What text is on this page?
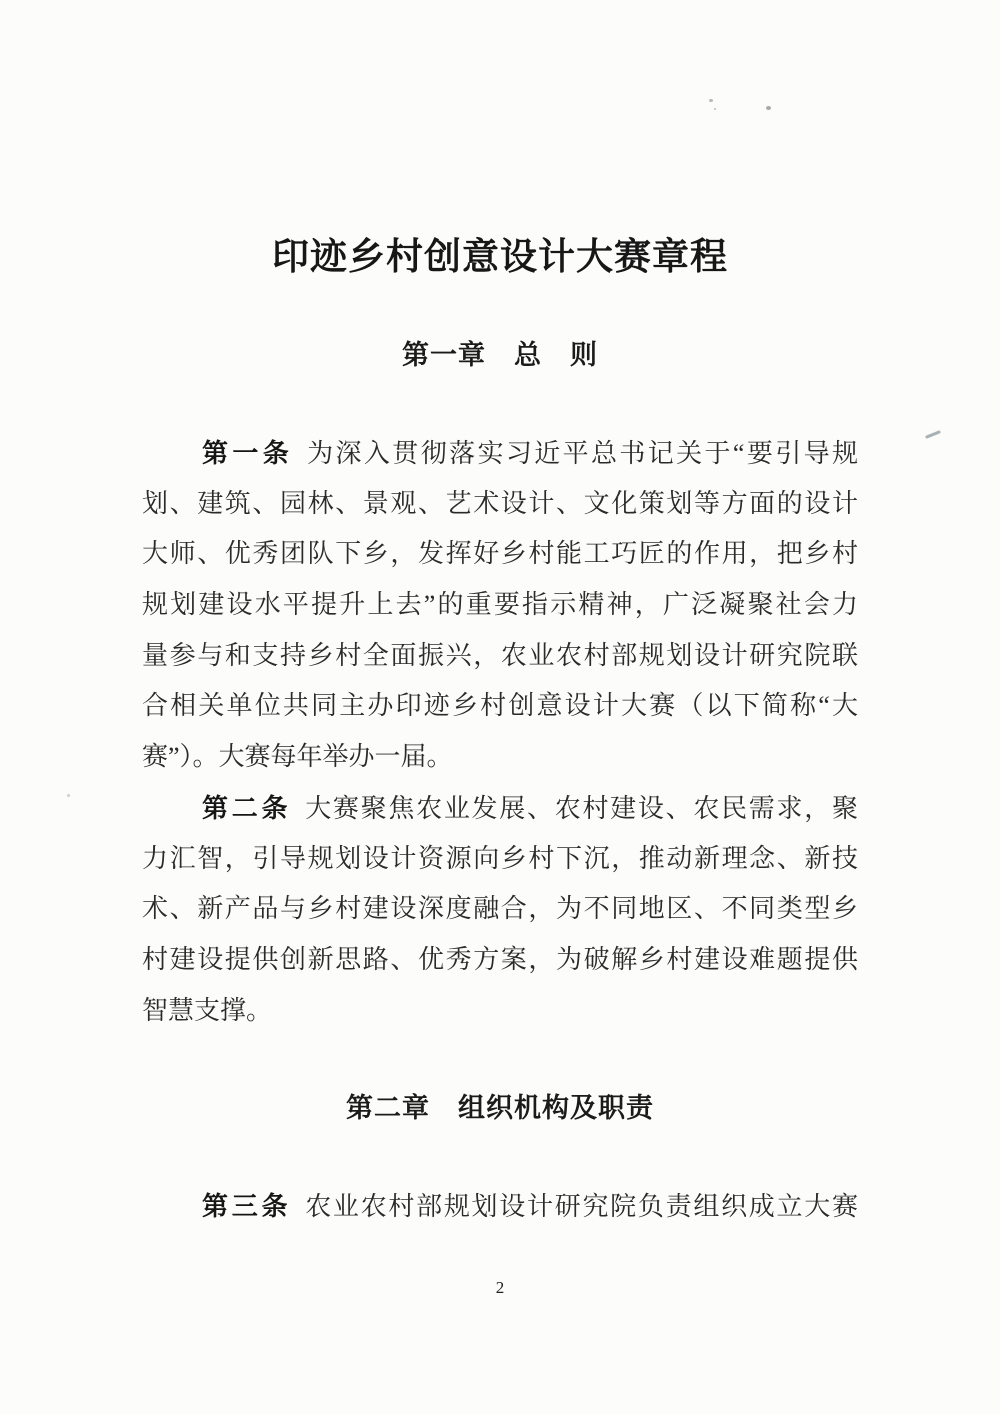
印迹乡村创意设计大赛章程
第一章　总　则
第一条 为深入贯彻落实习近平总书记关于“要引导规
划、建筑、园林、景观、艺术设计、文化策划等方面的设计
大师、优秀团队下乡，发挥好乡村能工巧匠的作用，把乡村
规划建设水平提升上去”的重要指示精神，广泛凝聚社会力
量参与和支持乡村全面振兴，农业农村部规划设计研究院联
合相关单位共同主办印迹乡村创意设计大赛（以下简称“大
赛”）。大赛每年举办一届。
第二条 大赛聚焦农业发展、农村建设、农民需求，聚
力汇智，引导规划设计资源向乡村下沉，推动新理念、新技
术、新产品与乡村建设深度融合，为不同地区、不同类型乡
村建设提供创新思路、优秀方案，为破解乡村建设难题提供
智慧支撑。
第二章　组织机构及职责
第三条 农业农村部规划设计研究院负责组织成立大赛
2
